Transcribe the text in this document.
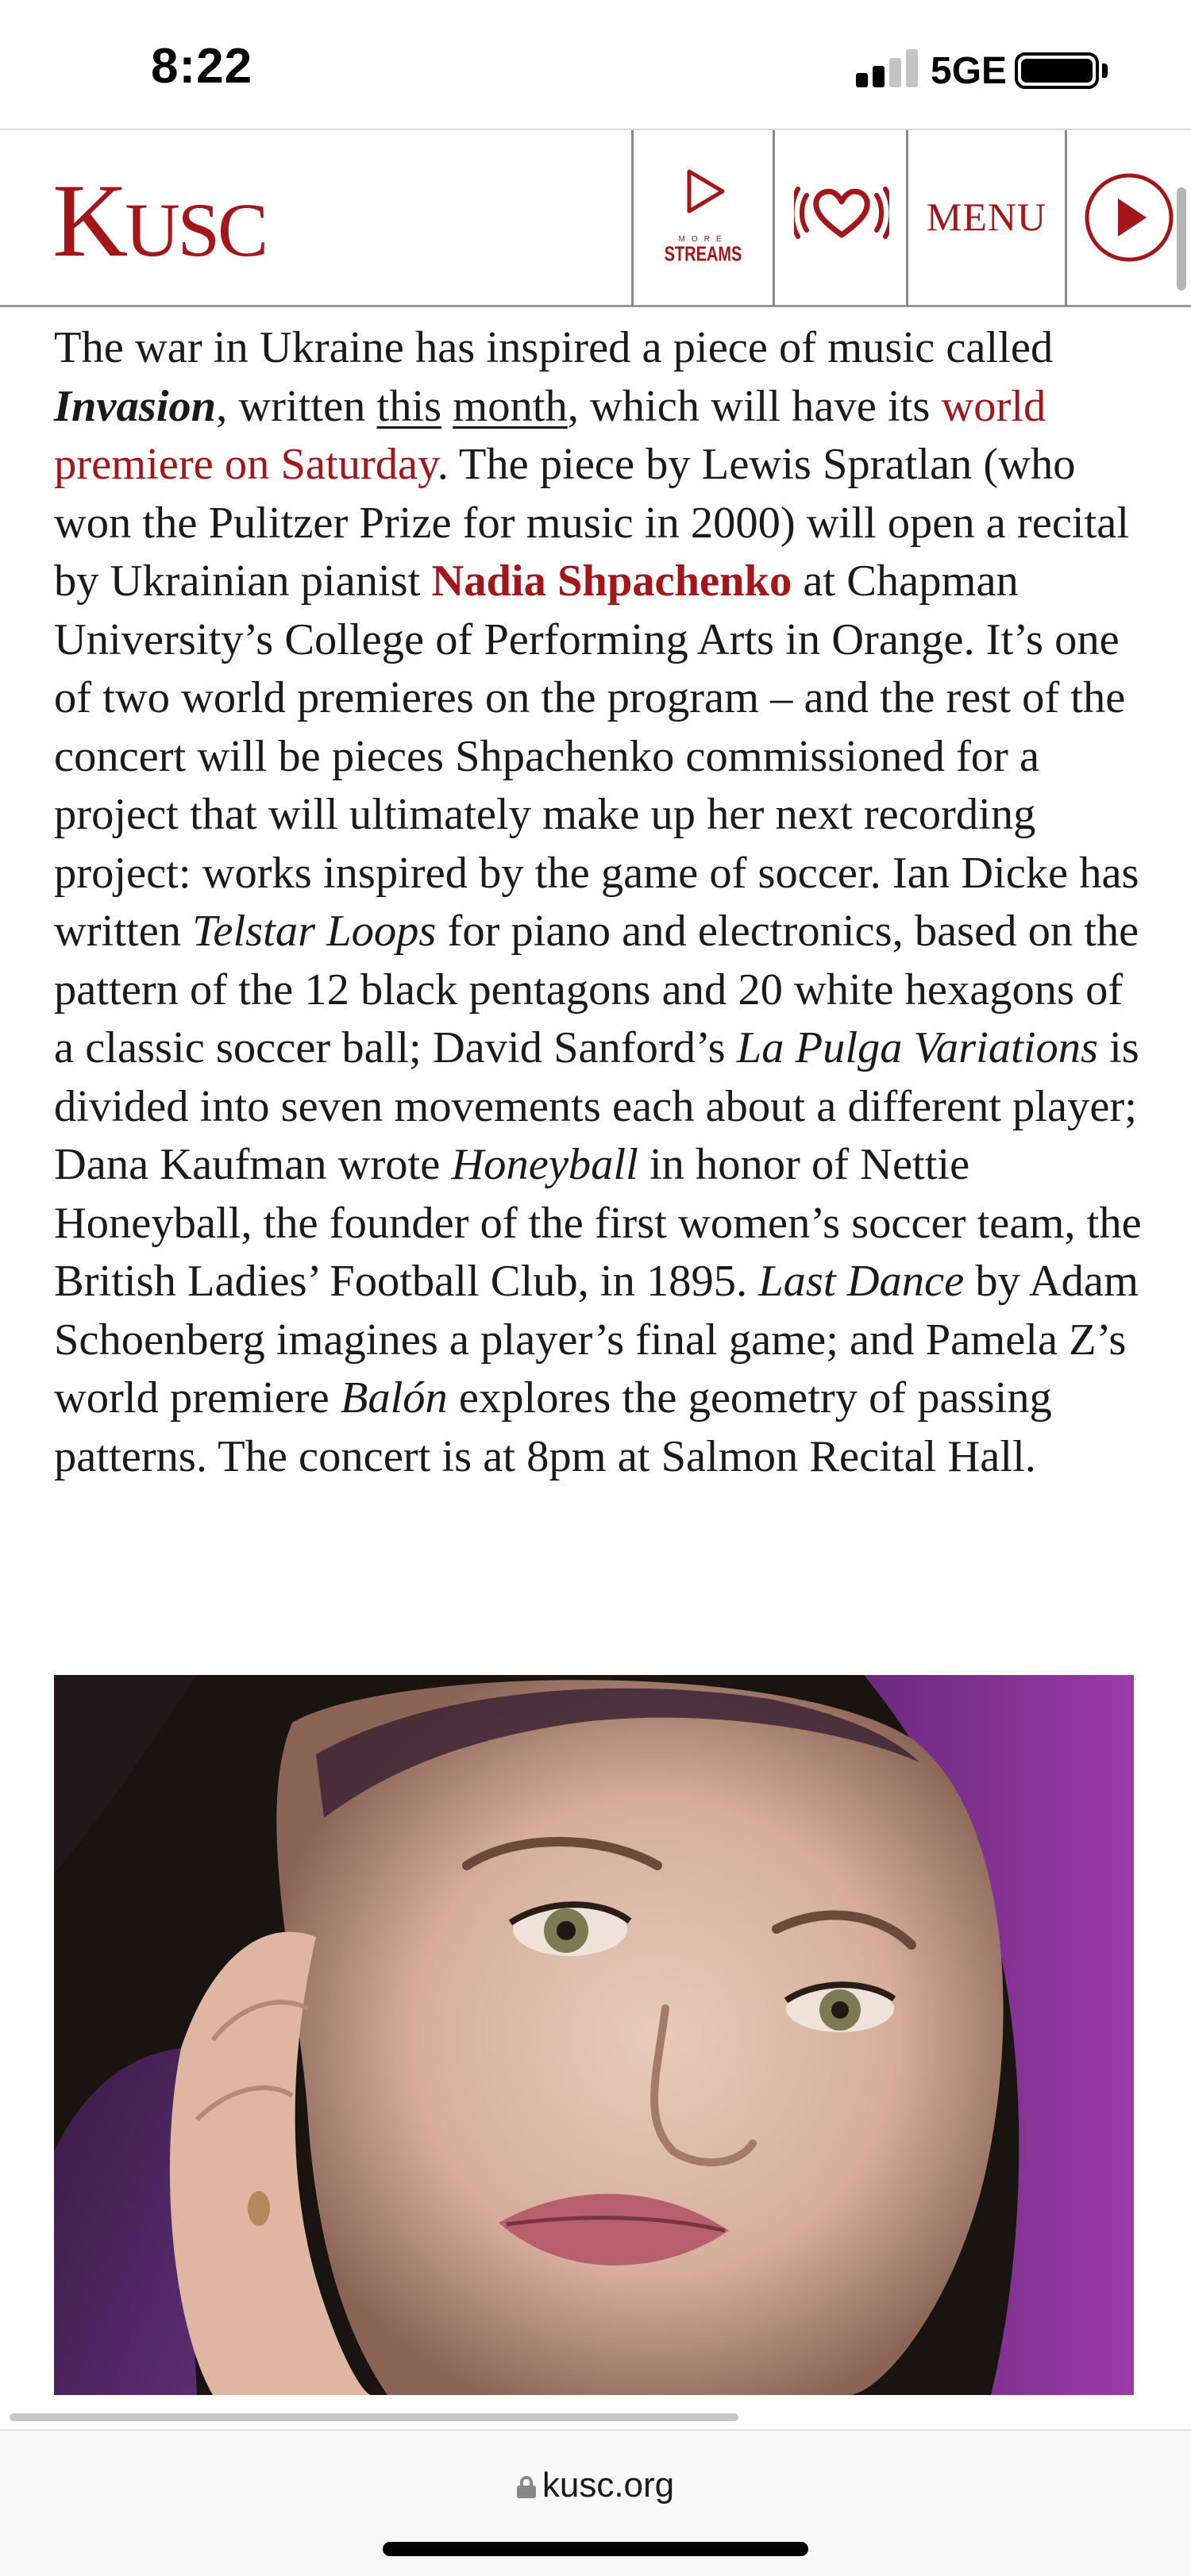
8:22	5GE
KUSC	MORE
STREAMS
MENU
The war in Ukraine has inspired a piece of music called Invasion, written this month, which will have its world premiere on Saturday. The piece by Lewis Spratlan (who won the Pulitzer Prize for music in 2000) will open a recital by Ukrainian pianist Nadia Shpachenko at Chapman University’s College of Performing Arts in Orange. It’s one of two world premieres on the program – and the rest of the concert will be pieces Shpachenko commissioned for a project that will ultimately make up her next recording project: works inspired by the game of soccer. Ian Dicke has written Telstar Loops for piano and electronics, based on the pattern of the 12 black pentagons and 20 white hexagons of a classic soccer ball; David Sanford’s La Pulga Variations is divided into seven movements each about a different player; Dana Kaufman wrote Honeyball in honor of Nettie Honeyball, the founder of the first women’s soccer team, the British Ladies’ Football Club, in 1895. Last Dance by Adam Schoenberg imagines a player’s final game; and Pamela Z’s world premiere Balón explores the geometry of passing patterns. The concert is at 8pm at Salmon Recital Hall.
kusc.org
